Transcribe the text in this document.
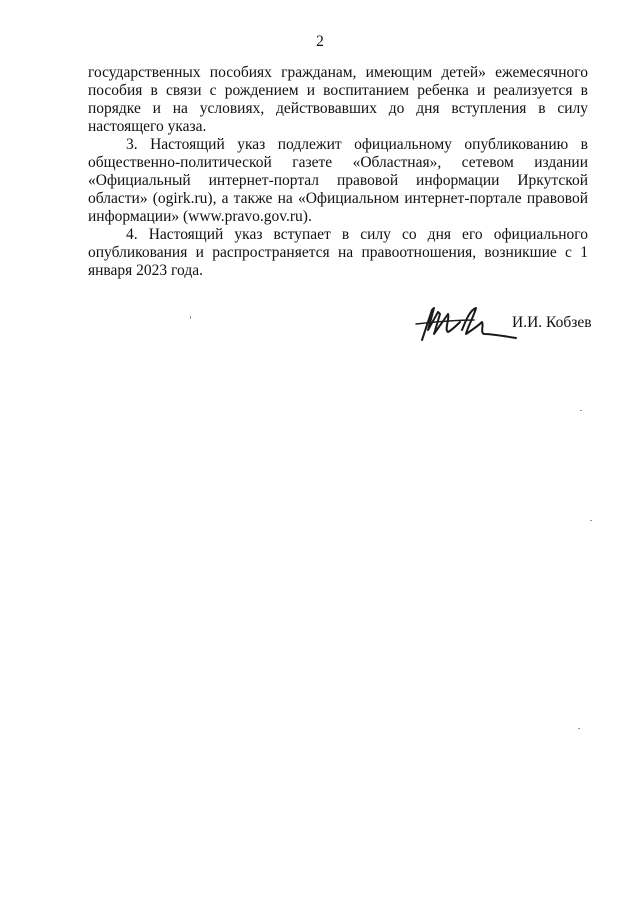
2

государственных пособиях гражданам, имеющим детей» ежемесячного пособия в связи с рождением и воспитанием ребенка и реализуется в порядке и на условиях, действовавших до дня вступления в силу настоящего указа.

3. Настоящий указ подлежит официальному опубликованию в общественно-политической газете «Областная», сетевом издании «Официальный интернет-портал правовой информации Иркутской области» (ogirk.ru), а также на «Официальном интернет-портале правовой информации» (www.pravo.gov.ru).

4. Настоящий указ вступает в силу со дня его официального опубликования и распространяется на правоотношения, возникшие с 1 января 2023 года.

И.И. Кобзев
